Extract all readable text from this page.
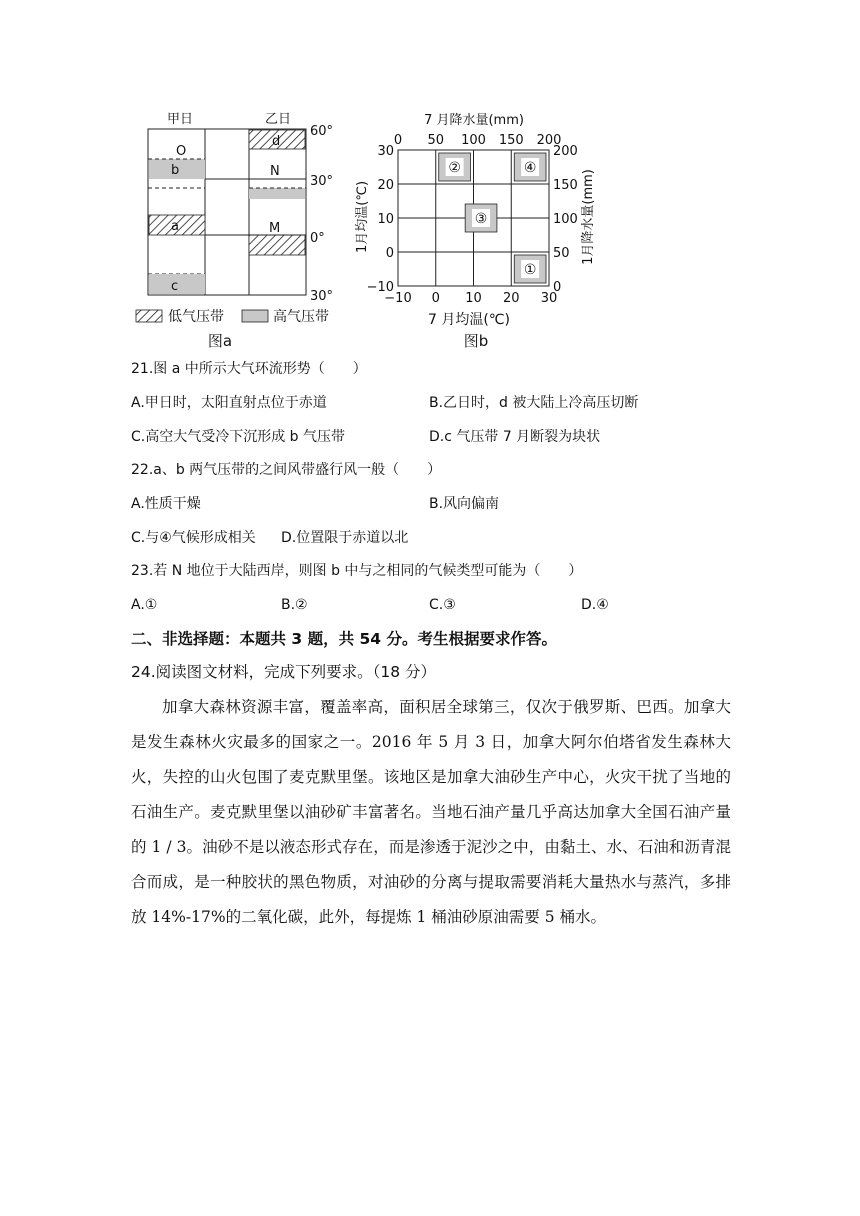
甲日	乙日
O
b
a
c
d
N
M
60°
30°
0°
30°
低气压带	高气压带
图a
7 月降水量(mm)
1月均温(℃)	1月降水量(mm)
7 月均温(℃)
图b
①
②
③
④
0 50 100 150 200
−10 0 10 20 30
30
20
10
0
−10
200
150
100
50
0
21.图 a 中所示大气环流形势（　　）
A.甲日时，太阳直射点位于赤道	B.乙日时，d 被大陆上冷高压切断
C.高空大气受冷下沉形成 b 气压带	D.c 气压带 7 月断裂为块状
22.a、b 两气压带的之间风带盛行风一般（　　）
A.性质干燥	B.风向偏南
C.与④气候形成相关 D.位置限于赤道以北
23.若 N 地位于大陆西岸，则图 b 中与之相同的气候类型可能为（　　）
A.①	B.②	C.③	D.④
二、非选择题：本题共 3 题，共 54 分。考生根据要求作答。
24.阅读图文材料，完成下列要求。（18 分）
加拿大森林资源丰富，覆盖率高，面积居全球第三，仅次于俄罗斯、巴西。加拿大是发生森林火灾最多的国家之一。2016 年 5 月 3 日，加拿大阿尔伯塔省发生森林大火，失控的山火包围了麦克默里堡。该地区是加拿大油砂生产中心，火灾干扰了当地的石油生产。麦克默里堡以油砂矿丰富著名。当地石油产量几乎高达加拿大全国石油产量的 1 / 3。油砂不是以液态形式存在，而是渗透于泥沙之中，由黏土、水、石油和沥青混合而成，是一种胶状的黑色物质，对油砂的分离与提取需要消耗大量热水与蒸汽，多排放 14%-17%的二氧化碳，此外，每提炼 1 桶油砂原油需要 5 桶水。
